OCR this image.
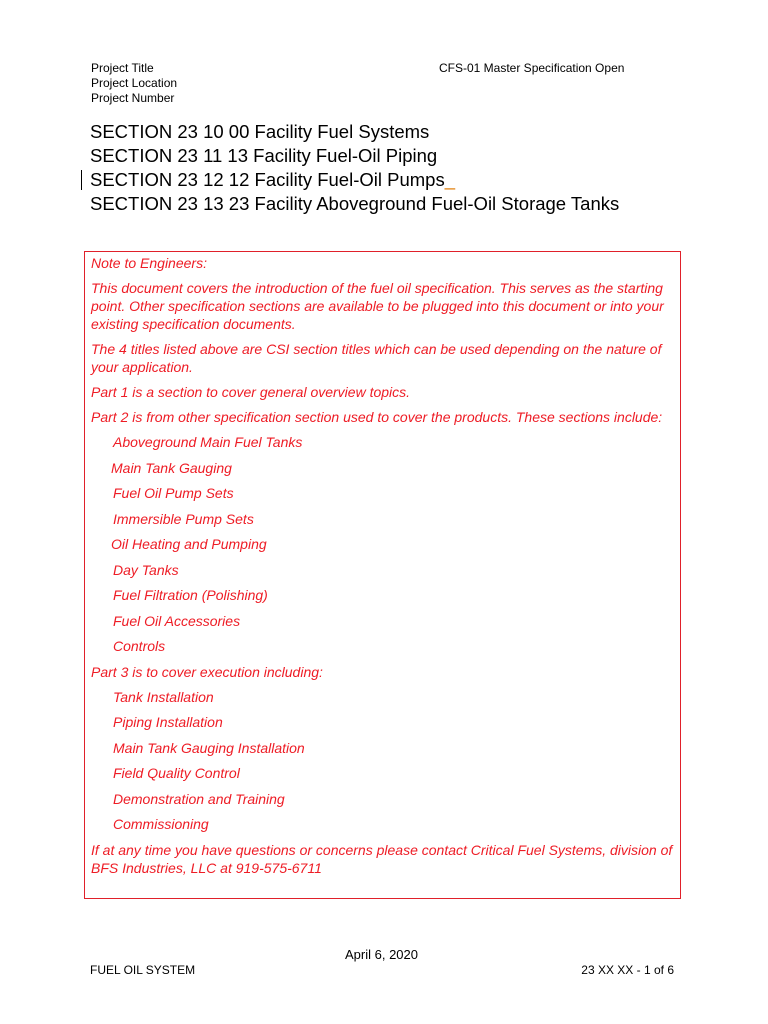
Project Title
Project Location
Project Number
CFS-01 Master Specification Open
SECTION 23 10 00 Facility Fuel Systems
SECTION 23 11 13 Facility Fuel-Oil Piping
SECTION 23 12 12 Facility Fuel-Oil Pumps_
SECTION 23 13 23 Facility Aboveground Fuel-Oil Storage Tanks

Note to Engineers:

This document covers the introduction of the fuel oil specification. This serves as the starting point. Other specification sections are available to be plugged into this document or into your existing specification documents.

The 4 titles listed above are CSI section titles which can be used depending on the nature of your application.

Part 1 is a section to cover general overview topics.

Part 2 is from other specification section used to cover the products. These sections include:

Aboveground Main Fuel Tanks
Main Tank Gauging
Fuel Oil Pump Sets
Immersible Pump Sets
Oil Heating and Pumping
Day Tanks
Fuel Filtration (Polishing)
Fuel Oil Accessories
Controls

Part 3 is to cover execution including:

Tank Installation
Piping Installation
Main Tank Gauging Installation
Field Quality Control
Demonstration and Training
Commissioning

If at any time you have questions or concerns please contact Critical Fuel Systems, division of BFS Industries, LLC at 919-575-6711

April 6, 2020
FUEL OIL SYSTEM	23 XX XX - 1 of 6
